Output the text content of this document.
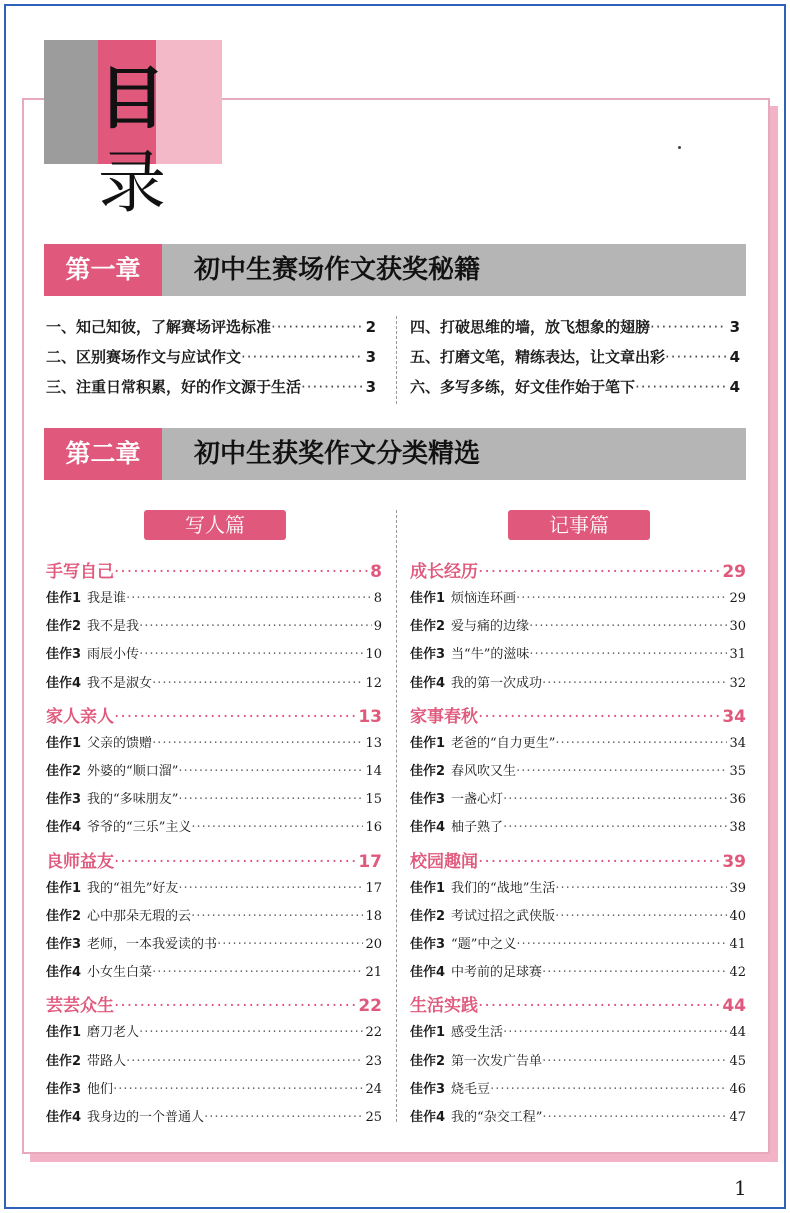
目录
第一章	初中生赛场作文获奖秘籍
一、知己知彼，了解赛场评选标准 ·····	2
二、区别赛场作文与应试作文 ·····	3
三、注重日常积累，好的作文源于生活 ·····	3
四、打破思维的墙，放飞想象的翅膀 ·····	3
五、打磨文笔，精练表达，让文章出彩 ·····	4
六、多写多练，好文佳作始于笔下 ·····	4
第二章	初中生获奖作文分类精选
写人篇	记事篇
手写自己 ·····	8
佳作1 我是谁 ·····	8
佳作2 我不是我 ·····	9
佳作3 雨辰小传 ·····	10
佳作4 我不是淑女 ·····	12
家人亲人 ·····	13
佳作1 父亲的馈赠 ·····	13
佳作2 外婆的“顺口溜” ·····	14
佳作3 我的“多味朋友” ·····	15
佳作4 爷爷的“三乐”主义 ·····	16
良师益友 ·····	17
佳作1 我的“祖先”好友 ·····	17
佳作2 心中那朵无瑕的云 ·····	18
佳作3 老师，一本我爱读的书 ·····	20
佳作4 小女生白菜 ·····	21
芸芸众生 ·····	22
佳作1 磨刀老人 ·····	22
佳作2 带路人 ·····	23
佳作3 他们 ·····	24
佳作4 我身边的一个普通人 ·····	25
成长经历 ·····	29
佳作1 烦恼连环画 ·····	29
佳作2 爱与痛的边缘 ·····	30
佳作3 当“牛”的滋味 ·····	31
佳作4 我的第一次成功 ·····	32
家事春秋 ·····	34
佳作1 老爸的“自力更生” ·····	34
佳作2 春风吹又生 ·····	35
佳作3 一盏心灯 ·····	36
佳作4 柚子熟了 ·····	38
校园趣闻 ·····	39
佳作1 我们的“战地”生活 ·····	39
佳作2 考试过招之武侠版 ·····	40
佳作3 “题”中之义 ·····	41
佳作4 中考前的足球赛 ·····	42
生活实践 ·····	44
佳作1 感受生活 ·····	44
佳作2 第一次发广告单 ·····	45
佳作3 烧毛豆 ·····	46
佳作4 我的“杂交工程” ·····	47
1
